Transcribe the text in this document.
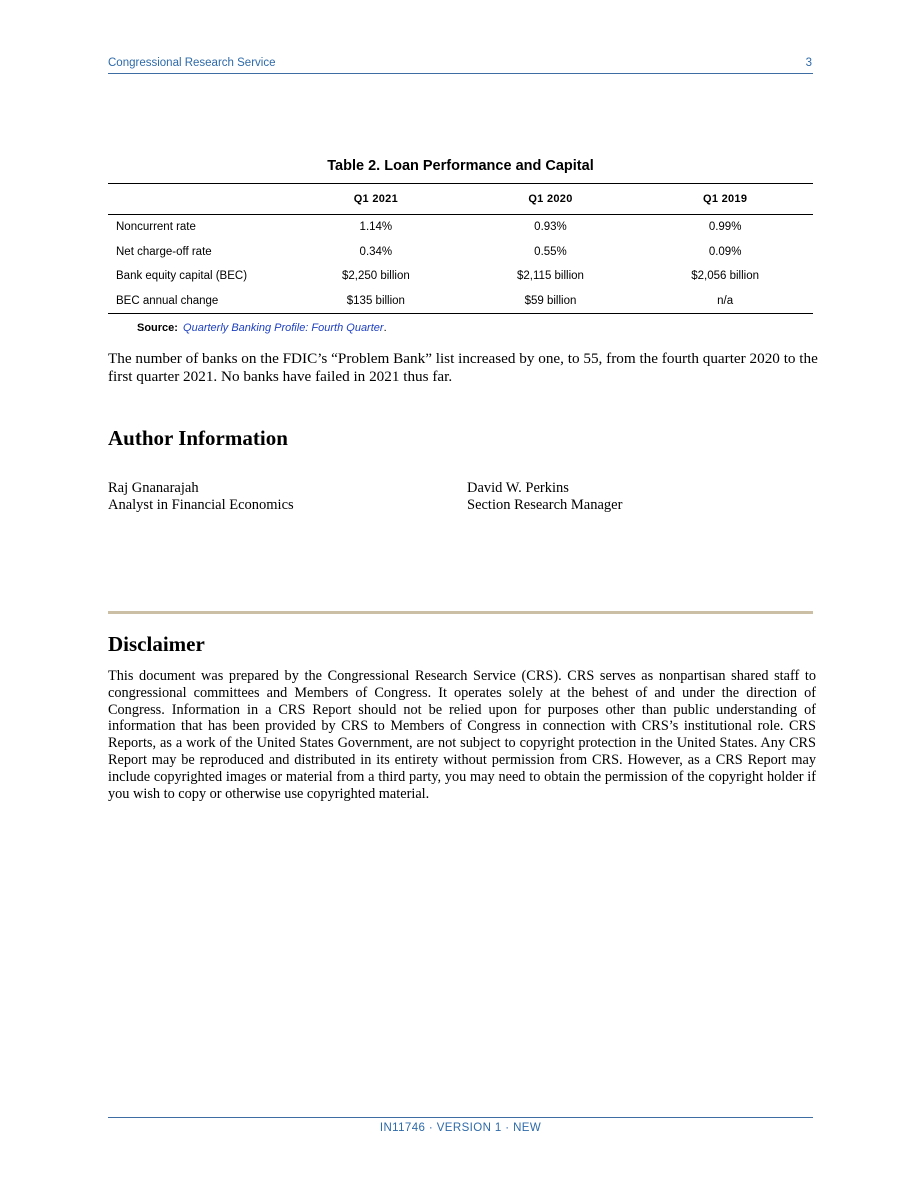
Congressional Research Service	3
Table 2. Loan Performance and Capital
	Q1 2021	Q1 2020	Q1 2019
Noncurrent rate	1.14%	0.93%	0.99%
Net charge-off rate	0.34%	0.55%	0.09%
Bank equity capital (BEC)	$2,250 billion	$2,115 billion	$2,056 billion
BEC annual change	$135 billion	$59 billion	n/a
Source: Quarterly Banking Profile: Fourth Quarter.
The number of banks on the FDIC’s “Problem Bank” list increased by one, to 55, from the fourth quarter 2020 to the first quarter 2021. No banks have failed in 2021 thus far.
Author Information
Raj Gnanarajah
Analyst in Financial Economics
David W. Perkins
Section Research Manager
Disclaimer
This document was prepared by the Congressional Research Service (CRS). CRS serves as nonpartisan shared staff to congressional committees and Members of Congress. It operates solely at the behest of and under the direction of Congress. Information in a CRS Report should not be relied upon for purposes other than public understanding of information that has been provided by CRS to Members of Congress in connection with CRS’s institutional role. CRS Reports, as a work of the United States Government, are not subject to copyright protection in the United States. Any CRS Report may be reproduced and distributed in its entirety without permission from CRS. However, as a CRS Report may include copyrighted images or material from a third party, you may need to obtain the permission of the copyright holder if you wish to copy or otherwise use copyrighted material.
IN11746 · VERSION 1 · NEW
